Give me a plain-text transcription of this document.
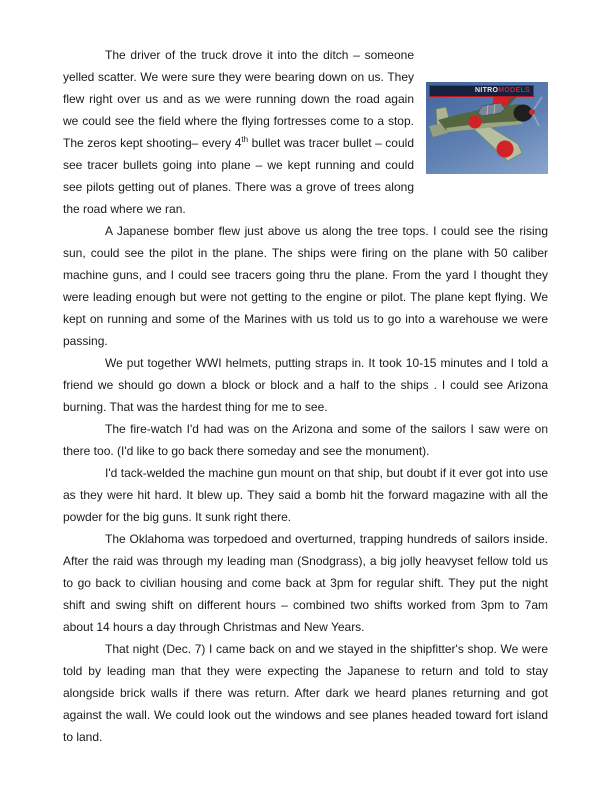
NITROMODELS
The driver of the truck drove it into the ditch – someone yelled scatter. We were sure they were bearing down on us. They flew right over us and as we were running down the road again we could see the field where the flying fortresses come to a stop. The zeros kept shooting– every 4th bullet was tracer bullet – could see tracer bullets going into plane – we kept running and could see pilots getting out of planes. There was a grove of trees along the road where we ran.

A Japanese bomber flew just above us along the tree tops. I could see the rising sun, could see the pilot in the plane. The ships were firing on the plane with 50 caliber machine guns, and I could see tracers going thru the plane. From the yard I thought they were leading enough but were not getting to the engine or pilot. The plane kept flying. We kept on running and some of the Marines with us told us to go into a warehouse we were passing.

We put together WWI helmets, putting straps in. It took 10-15 minutes and I told a friend we should go down a block or block and a half to the ships . I could see Arizona burning. That was the hardest thing for me to see.

The fire-watch I'd had was on the Arizona and some of the sailors I saw were on there too. (I'd like to go back there someday and see the monument).

I'd tack-welded the machine gun mount on that ship, but doubt if it ever got into use as they were hit hard. It blew up. They said a bomb hit the forward magazine with all the powder for the big guns. It sunk right there.

The Oklahoma was torpedoed and overturned, trapping hundreds of sailors inside. After the raid was through my leading man (Snodgrass), a big jolly heavyset fellow told us to go back to civilian housing and come back at 3pm for regular shift. They put the night shift and swing shift on different hours – combined two shifts worked from 3pm to 7am about 14 hours a day through Christmas and New Years.

That night (Dec. 7) I came back on and we stayed in the shipfitter's shop. We were told by leading man that they were expecting the Japanese to return and told to stay alongside brick walls if there was return. After dark we heard planes returning and got against the wall. We could look out the windows and see planes headed toward fort island to land.
